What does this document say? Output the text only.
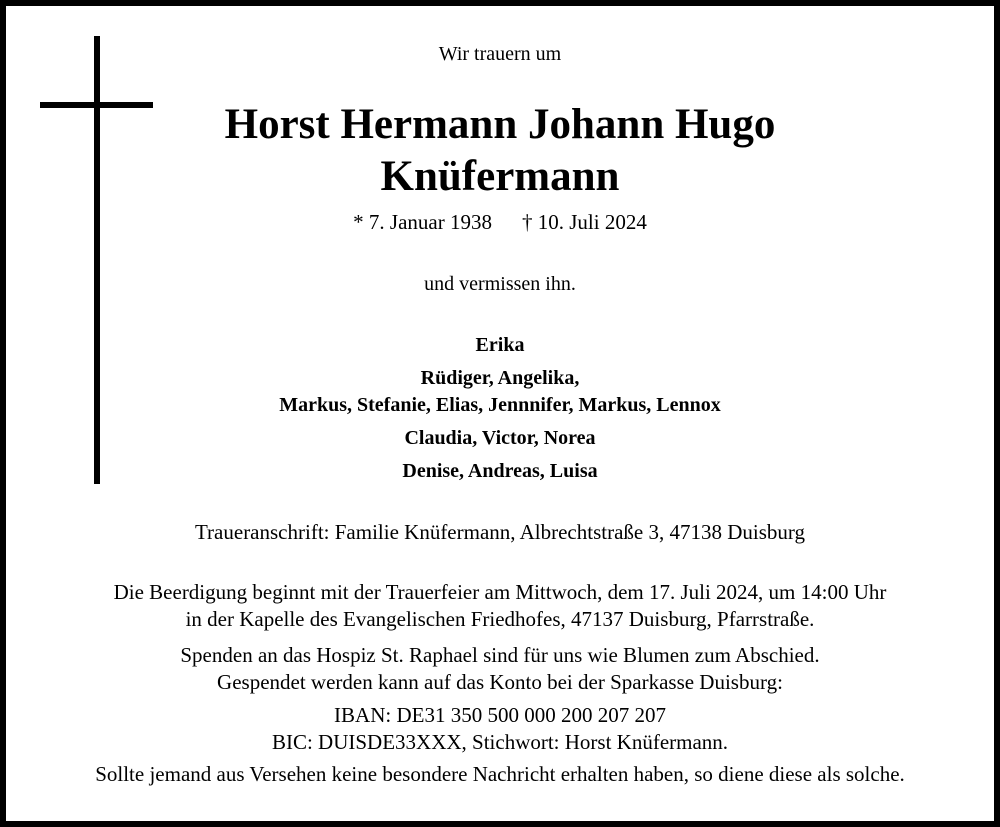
Wir trauern um
Horst Hermann Johann Hugo
Knüfermann
* 7. Januar 1938 † 10. Juli 2024
und vermissen ihn.
Erika
Rüdiger, Angelika,
Markus, Stefanie, Elias, Jennnifer, Markus, Lennox
Claudia, Victor, Norea
Denise, Andreas, Luisa
Traueranschrift: Familie Knüfermann, Albrechtstraße 3, 47138 Duisburg
Die Beerdigung beginnt mit der Trauerfeier am Mittwoch, dem 17. Juli 2024, um 14:00 Uhr
in der Kapelle des Evangelischen Friedhofes, 47137 Duisburg, Pfarrstraße.
Spenden an das Hospiz St. Raphael sind für uns wie Blumen zum Abschied.
Gespendet werden kann auf das Konto bei der Sparkasse Duisburg:
IBAN: DE31 350 500 000 200 207 207
BIC: DUISDE33XXX, Stichwort: Horst Knüfermann.
Sollte jemand aus Versehen keine besondere Nachricht erhalten haben, so diene diese als solche.
